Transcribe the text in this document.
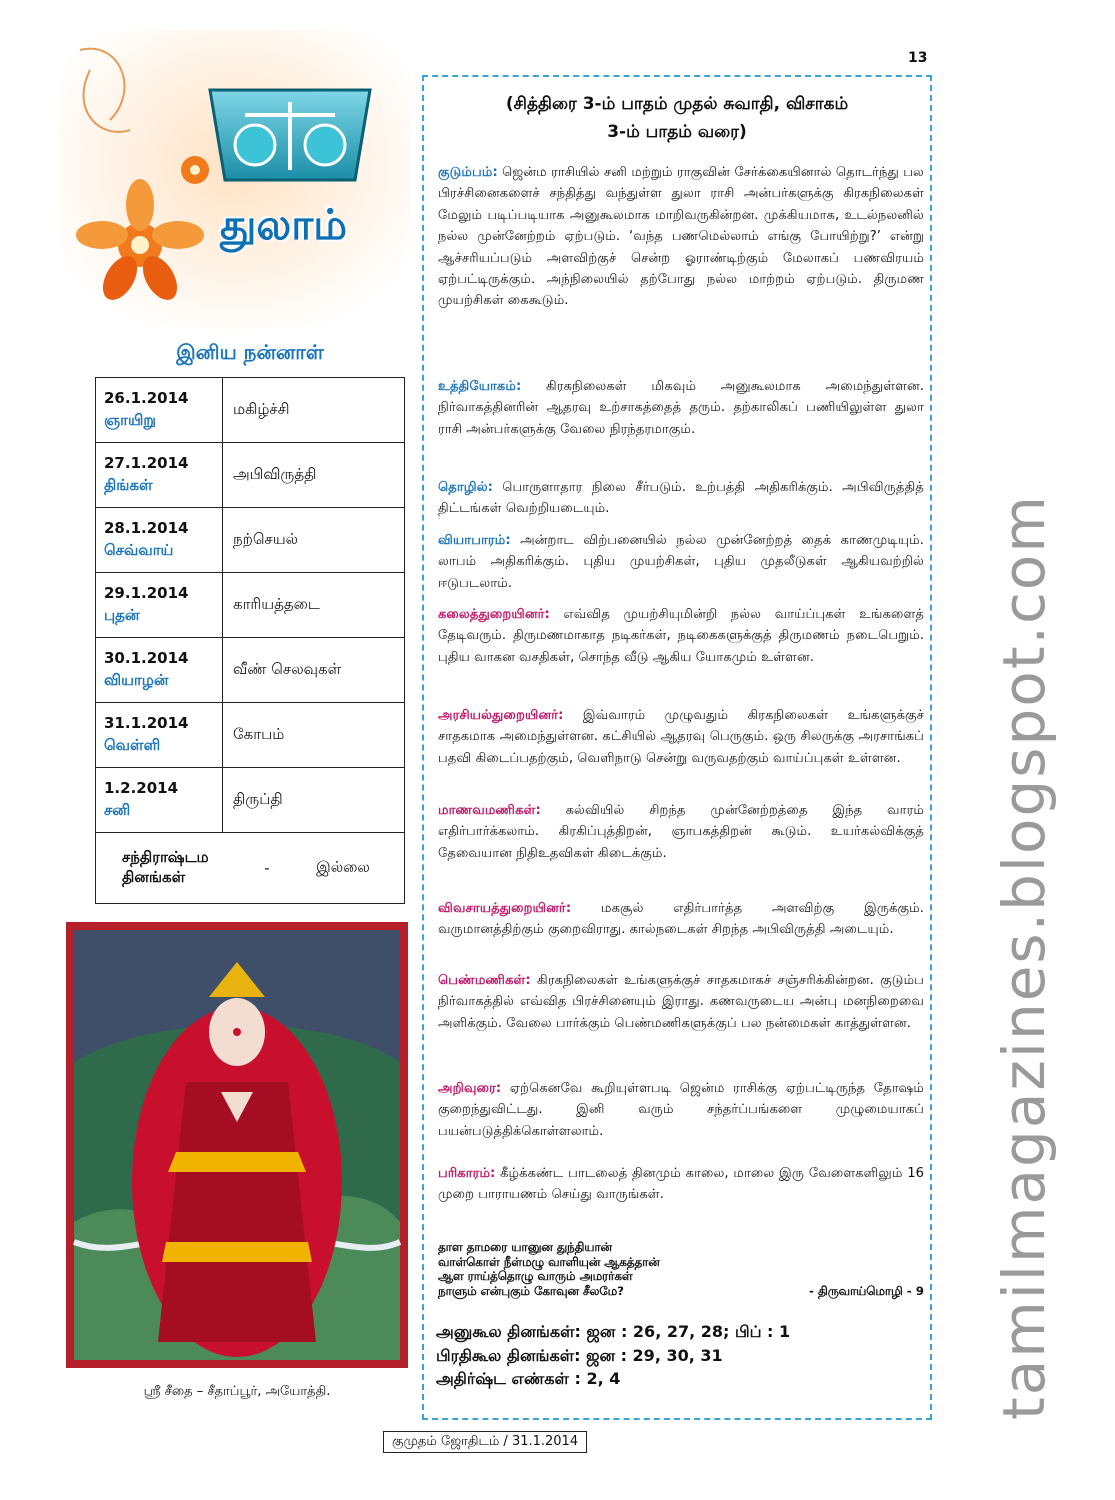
13
tamilmagazines.blogspot.com
துலாம்
இனிய நன்னாள்
26.1.2014
ஞாயிறு	மகிழ்ச்சி

27.1.2014
திங்கள்	அபிவிருத்தி

28.1.2014
செவ்வாய்	நற்செயல்

29.1.2014
புதன்	காரியத்தடை

30.1.2014
வியாழன்	வீண் செலவுகள்

31.1.2014
வெள்ளி	கோபம்

1.2.2014
சனி	திருப்தி

சந்திராஷ்டம
தினங்கள் - இல்லை	
ஸ்ரீ சீதை – சீதாப்பூர், அயோத்தி.
(சித்திரை 3-ம் பாதம் முதல் சுவாதி, விசாகம்
3-ம் பாதம் வரை)
குடும்பம்: ஜென்ம ராசியில் சனி மற்றும் ராகுவின் சேர்க்கையினால் தொடர்ந்து பல பிரச்சினைகளைச் சந்தித்து வந்துள்ள துலா ராசி அன்பர்களுக்கு கிரகநிலைகள் மேலும் படிப்படியாக அனுகூலமாக மாறிவருகின்றன. முக்கியமாக, உடல்நலனில் நல்ல முன்னேற்றம் ஏற்படும். ‘வந்த பணமெல்லாம் எங்கு போயிற்று?’ என்று ஆச்சரியப்படும் அளவிற்குச் சென்ற ஓராண்டிற்கும் மேலாகப் பணவிரயம் ஏற்பட்டிருக்கும். அந்நிலையில் தற்போது நல்ல மாற்றம் ஏற்படும். திருமண முயற்சிகள் கைகூடும்.
உத்தியோகம்: கிரகநிலைகள் மிகவும் அனுகூலமாக அமைந்துள்ளன. நிர்வாகத்தினரின் ஆதரவு உற்சாகத்தைத் தரும். தற்காலிகப் பணியிலுள்ள துலா ராசி அன்பர்களுக்கு வேலை நிரந்தரமாகும்.
தொழில்: பொருளாதார நிலை சீர்படும். உற்பத்தி அதிகரிக்கும். அபிவிருத்தித் திட்டங்கள் வெற்றியடையும்.
வியாபாரம்: அன்றாட விற்பனையில் நல்ல முன்னேற்றத் தைக் காணமுடியும். லாபம் அதிகரிக்கும். புதிய முயற்சிகள், புதிய முதலீடுகள் ஆகியவற்றில் ஈடுபடலாம்.
கலைத்துறையினர்: எவ்வித முயற்சியுமின்றி நல்ல வாய்ப்புகள் உங்களைத் தேடிவரும். திருமணமாகாத நடிகர்கள், நடிகைகளுக்குத் திருமணம் நடைபெறும். புதிய வாகன வசதிகள், சொந்த வீடு ஆகிய யோகமும் உள்ளன.
அரசியல்துறையினர்: இவ்வாரம் முழுவதும் கிரகநிலைகள் உங்களுக்குச் சாதகமாக அமைந்துள்ளன. கட்சியில் ஆதரவு பெருகும். ஒரு சிலருக்கு அரசாங்கப் பதவி கிடைப்பதற்கும், வெளிநாடு சென்று வருவதற்கும் வாய்ப்புகள் உள்ளன.
மாணவமணிகள்: கல்வியில் சிறந்த முன்னேற்றத்தை இந்த வாரம் எதிர்பார்க்கலாம். கிரகிப்புத்திறன், ஞாபகத்திறன் கூடும். உயர்கல்விக்குத் தேவையான நிதிஉதவிகள் கிடைக்கும்.
விவசாயத்துறையினர்: மகசூல் எதிர்பார்த்த அளவிற்கு இருக்கும். வருமானத்திற்கும் குறைவிராது. கால்நடைகள் சிறந்த அபிவிருத்தி அடையும்.
பெண்மணிகள்: கிரகநிலைகள் உங்களுக்குச் சாதகமாகச் சஞ்சரிக்கின்றன. குடும்ப நிர்வாகத்தில் எவ்வித பிரச்சினையும் இராது. கணவருடைய அன்பு மனநிறைவை அளிக்கும். வேலை பார்க்கும் பெண்மணிகளுக்குப் பல நன்மைகள் காத்துள்ளன.
அறிவுரை: ஏற்கெனவே கூறியுள்ளபடி ஜென்ம ராசிக்கு ஏற்பட்டிருந்த தோஷம் குறைந்துவிட்டது. இனி வரும் சந்தர்ப்பங்களை முழுமையாகப் பயன்படுத்திக்கொள்ளலாம்.
பரிகாரம்: கீழ்க்கண்ட பாடலைத் தினமும் காலை, மாலை இரு வேளைகளிலும் 16 முறை பாராயணம் செய்து வாருங்கள்.
தாள தாமரை யானுன துந்தியான்
வாள்கொள் நீள்மழு வாளியுன் ஆகத்தான்
ஆள ராய்த்தொழு வாரும் அமரர்கள்
நாளும் என்புகும் கோவுன சீலமே?	- திருவாய்மொழி - 9
அனுகூல தினங்கள்: ஜன : 26, 27, 28; பிப் : 1
பிரதிகூல தினங்கள்: ஜன : 29, 30, 31
அதிர்ஷ்ட எண்கள் : 2, 4
குமுதம் ஜோதிடம் / 31.1.2014
